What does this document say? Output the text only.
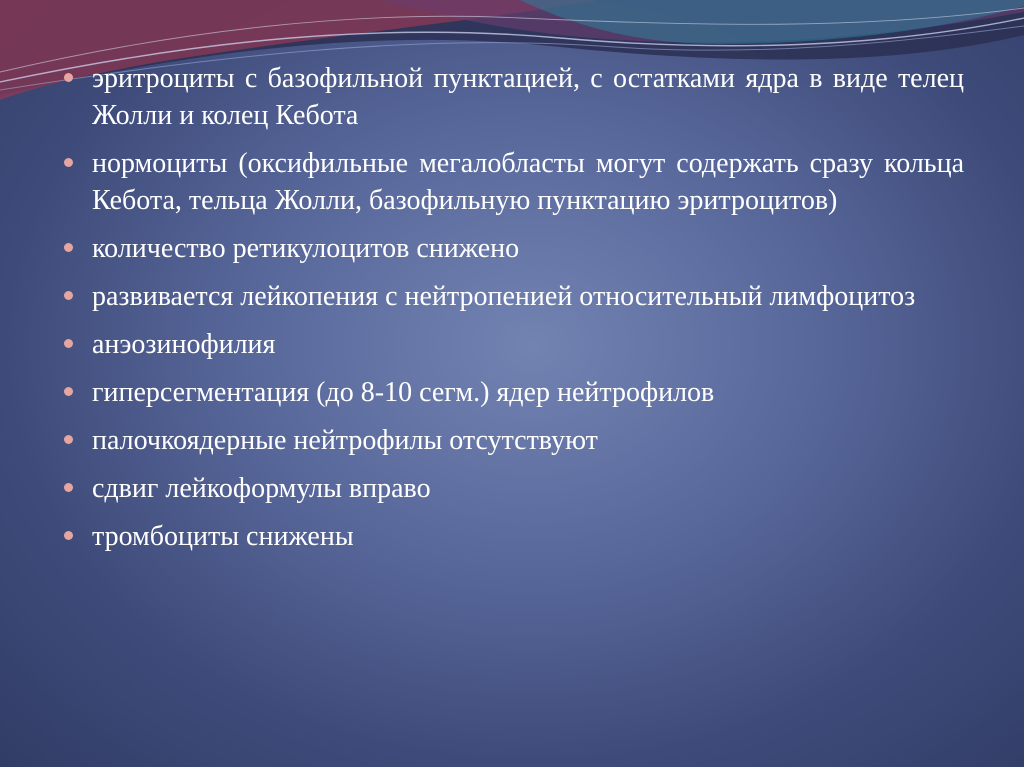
эритроциты с базофильной пунктацией, с остатками ядра в виде телец Жолли и колец Кебота
нормоциты (оксифильные мегалобласты могут содержать сразу кольца Кебота, тельца Жолли, базофильную пунктацию эритроцитов)
количество ретикулоцитов снижено
развивается лейкопения с нейтропенией относительный лимфоцитоз
анэозинофилия
гиперсегментация (до 8-10 сегм.) ядер нейтрофилов
палочкоядерные нейтрофилы отсутствуют
сдвиг лейкоформулы вправо
тромбоциты снижены
